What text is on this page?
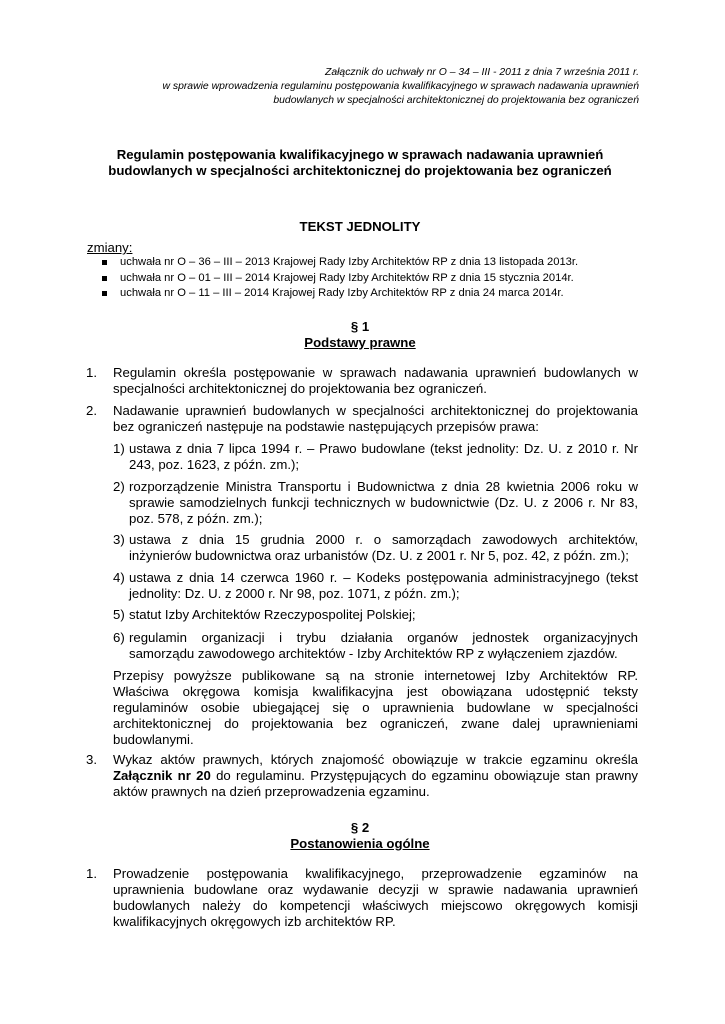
Załącznik do uchwały nr O – 34 – III - 2011 z dnia 7 września 2011 r.
w sprawie wprowadzenia regulaminu postępowania kwalifikacyjnego w sprawach nadawania uprawnień
budowlanych w specjalności architektonicznej do projektowania bez ograniczeń
Regulamin postępowania kwalifikacyjnego w sprawach nadawania uprawnień
budowlanych w specjalności architektonicznej do projektowania bez ograniczeń
TEKST JEDNOLITY
zmiany:
uchwała nr O – 36 – III – 2013 Krajowej Rady Izby Architektów RP z dnia 13 listopada 2013r.
uchwała nr O – 01 – III – 2014 Krajowej Rady Izby Architektów RP z dnia 15 stycznia 2014r.
uchwała nr O – 11 – III – 2014 Krajowej Rady Izby Architektów RP z dnia 24 marca 2014r.
§ 1
Podstawy prawne
1. Regulamin określa postępowanie w sprawach nadawania uprawnień budowlanych w
specjalności architektonicznej do projektowania bez ograniczeń.
2. Nadawanie uprawnień budowlanych w specjalności architektonicznej do projektowania
bez ograniczeń następuje na podstawie następujących przepisów prawa:
1) ustawa z dnia 7 lipca 1994 r. – Prawo budowlane (tekst jednolity: Dz. U. z 2010 r. Nr
243, poz. 1623, z późn. zm.);
2) rozporządzenie Ministra Transportu i Budownictwa z dnia 28 kwietnia 2006 roku w
sprawie samodzielnych funkcji technicznych w budownictwie (Dz. U. z 2006 r. Nr 83,
poz. 578, z późn. zm.);
3) ustawa z dnia 15 grudnia 2000 r. o samorządach zawodowych architektów,
inżynierów budownictwa oraz urbanistów (Dz. U. z 2001 r. Nr 5, poz. 42, z późn. zm.);
4) ustawa z dnia 14 czerwca 1960 r. – Kodeks postępowania administracyjnego (tekst
jednolity: Dz. U. z 2000 r. Nr 98, poz. 1071, z późn. zm.);
5) statut Izby Architektów Rzeczypospolitej Polskiej;
6) regulamin organizacji i trybu działania organów jednostek organizacyjnych
samorządu zawodowego architektów - Izby Architektów RP z wyłączeniem zjazdów.
Przepisy powyższe publikowane są na stronie internetowej Izby Architektów RP.
Właściwa okręgowa komisja kwalifikacyjna jest obowiązana udostępnić teksty
regulaminów osobie ubiegającej się o uprawnienia budowlane w specjalności
architektonicznej do projektowania bez ograniczeń, zwane dalej uprawnieniami
budowlanymi.
3. Wykaz aktów prawnych, których znajomość obowiązuje w trakcie egzaminu określa
Załącznik nr 20 do regulaminu. Przystępujących do egzaminu obowiązuje stan prawny
aktów prawnych na dzień przeprowadzenia egzaminu.
§ 2
Postanowienia ogólne
1. Prowadzenie postępowania kwalifikacyjnego, przeprowadzenie egzaminów na
uprawnienia budowlane oraz wydawanie decyzji w sprawie nadawania uprawnień
budowlanych należy do kompetencji właściwych miejscowo okręgowych komisji
kwalifikacyjnych okręgowych izb architektów RP.
